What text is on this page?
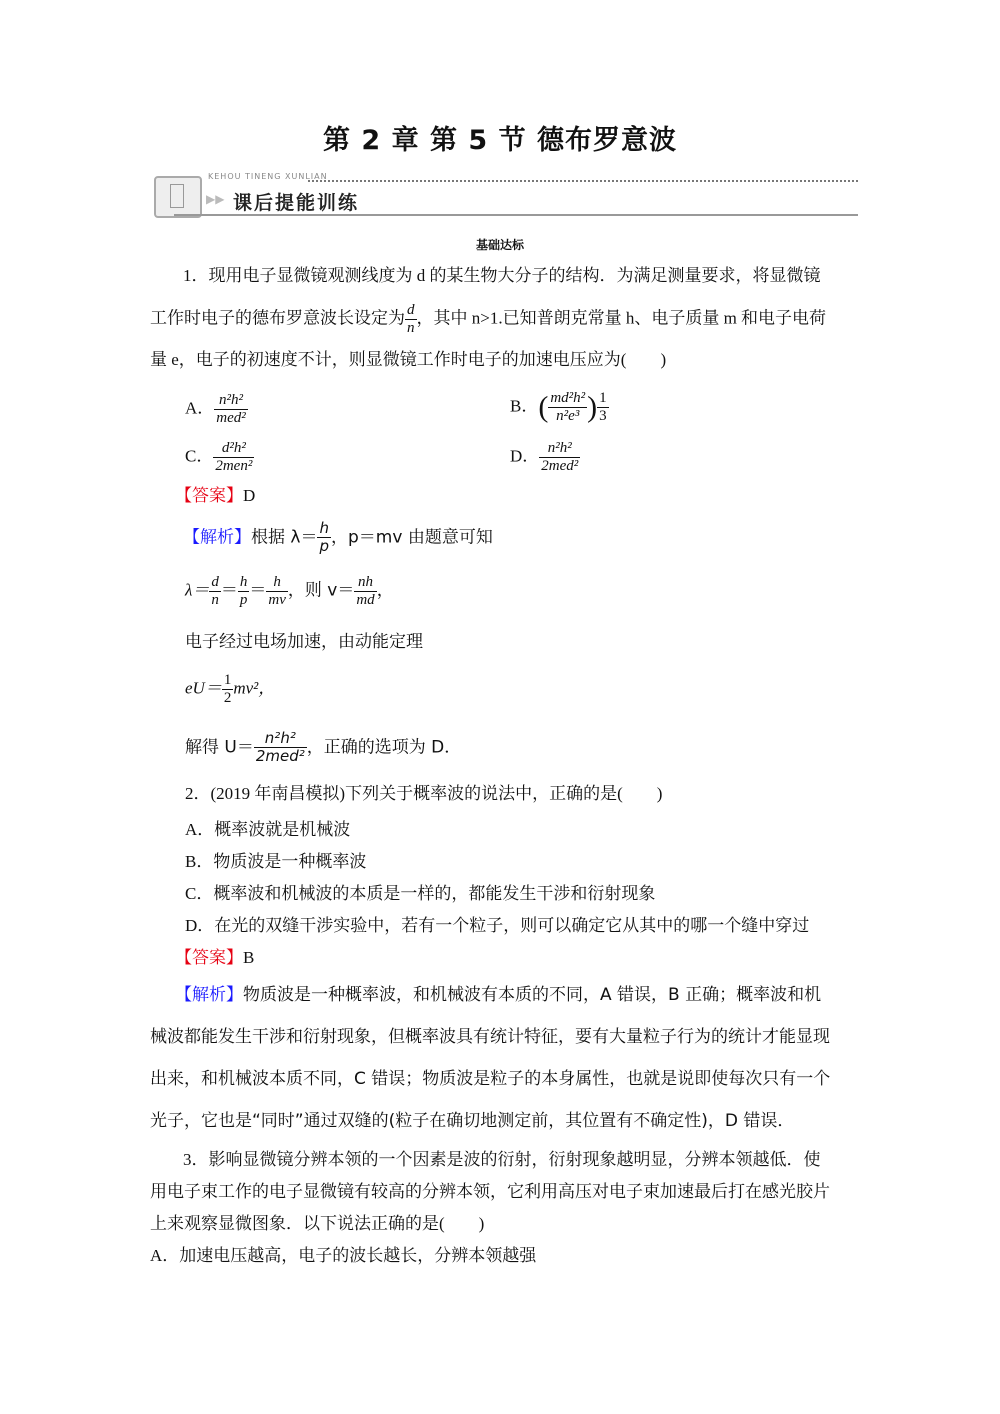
第 2 章 第 5 节 德布罗意波
KEHOU TINENG XUNLIAN
▶▶ 课后提能训练
基础达标
1．现用电子显微镜观测线度为 d 的某生物大分子的结构．为满足测量要求，将显微镜
工作时电子的德布罗意波长设定为 $\frac{d}{n}$ ，其中 n>1.已知普朗克常量 h、电子质量 m 和电子电荷
量 e，电子的初速度不计，则显微镜工作时电子的加速电压应为(　　)
A． $\frac{\text{n²h²}}{\text{med²}}$	B．( $\frac{\text{md²h²}}{\text{n²e³}}$ ) $\frac{1}{3}$
C． $\frac{\text{d²h²}}{\text{2men²}}$	D． $\frac{\text{n²h²}}{\text{2med²}}$
【答案】D
【解析】根据 $\lambda= \frac{h}{p}$ ，p＝mv 由题意可知
$\lambda= \frac{d}{n} = \frac{h}{p} = \frac{h}{mv}$ ，则 $v= \frac{nh}{md}$ ，
电子经过电场加速，由动能定理
$eU= \frac{1}{2} mv^2$，
解得 $U= \frac{\text{n²h²}}{\text{2med²}}$ ，正确的选项为 D．
2．(2019 年南昌模拟)下列关于概率波的说法中，正确的是(　　)
A．概率波就是机械波
B．物质波是一种概率波
C．概率波和机械波的本质是一样的，都能发生干涉和衍射现象
D．在光的双缝干涉实验中，若有一个粒子，则可以确定它从其中的哪一个缝中穿过
【答案】B
【解析】物质波是一种概率波，和机械波有本质的不同，A 错误，B 正确；概率波和机
械波都能发生干涉和衍射现象，但概率波具有统计特征，要有大量粒子行为的统计才能显现
出来，和机械波本质不同，C 错误；物质波是粒子的本身属性，也就是说即使每次只有一个
光子，它也是“同时”通过双缝的(粒子在确切地测定前，其位置有不确定性)，D 错误．
3．影响显微镜分辨本领的一个因素是波的衍射，衍射现象越明显，分辨本领越低．使
用电子束工作的电子显微镜有较高的分辨本领，它利用高压对电子束加速最后打在感光胶片
上来观察显微图象．以下说法正确的是(　　)
A．加速电压越高，电子的波长越长，分辨本领越强
